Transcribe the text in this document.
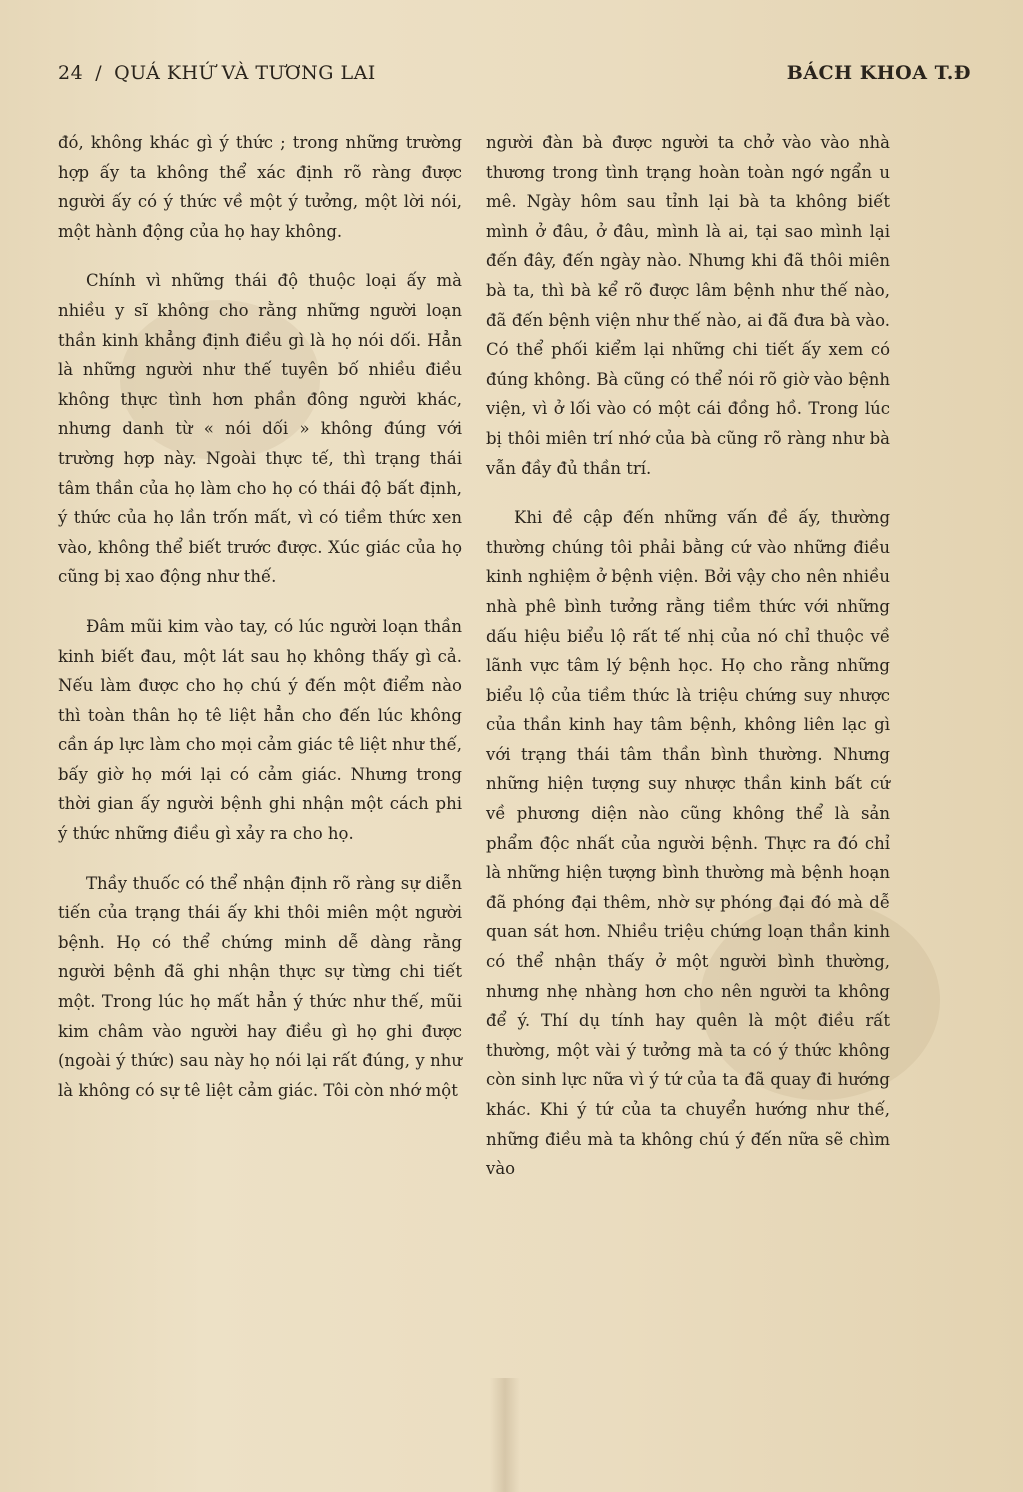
24 / QUÁ KHỨ VÀ TƯƠNG LAI	BÁCH KHOA T.Đ

đó, không khác gì ý thức ; trong những trường hợp ấy ta không thể xác định rõ ràng được người ấy có ý thức về một ý tưởng, một lời nói, một hành động của họ hay không.

Chính vì những thái độ thuộc loại ấy mà nhiều y sĩ không cho rằng những người loạn thần kinh khẳng định điều gì là họ nói dối. Hẳn là những người như thế tuyên bố nhiều điều không thực tình hơn phần đông người khác, nhưng danh từ « nói dối » không đúng với trường hợp này. Ngoài thực tế, thì trạng thái tâm thần của họ làm cho họ có thái độ bất định, ý thức của họ lần trốn mất, vì có tiềm thức xen vào, không thể biết trước được. Xúc giác của họ cũng bị xao động như thế.

Đâm mũi kim vào tay, có lúc người loạn thần kinh biết đau, một lát sau họ không thấy gì cả. Nếu làm được cho họ chú ý đến một điểm nào thì toàn thân họ tê liệt hẳn cho đến lúc không cần áp lực làm cho mọi cảm giác tê liệt như thế, bấy giờ họ mới lại có cảm giác. Nhưng trong thời gian ấy người bệnh ghi nhận một cách phi ý thức những điều gì xảy ra cho họ.

Thầy thuốc có thể nhận định rõ ràng sự diễn tiến của trạng thái ấy khi thôi miên một người bệnh. Họ có thể chứng minh dễ dàng rằng người bệnh đã ghi nhận thực sự từng chi tiết một. Trong lúc họ mất hẳn ý thức như thế, mũi kim châm vào người hay điều gì họ ghi được (ngoài ý thức) sau này họ nói lại rất đúng, y như là không có sự tê liệt cảm giác. Tôi còn nhớ một

người đàn bà được người ta chở vào vào nhà thương trong tình trạng hoàn toàn ngớ ngẩn u mê. Ngày hôm sau tỉnh lại bà ta không biết mình ở đâu, ở đâu, mình là ai, tại sao mình lại đến đây, đến ngày nào. Nhưng khi đã thôi miên bà ta, thì bà kể rõ được lâm bệnh như thế nào, đã đến bệnh viện như thế nào, ai đã đưa bà vào. Có thể phối kiểm lại những chi tiết ấy xem có đúng không. Bà cũng có thể nói rõ giờ vào bệnh viện, vì ở lối vào có một cái đồng hồ. Trong lúc bị thôi miên trí nhớ của bà cũng rõ ràng như bà vẫn đầy đủ thần trí.

Khi đề cập đến những vấn đề ấy, thường thường chúng tôi phải bằng cứ vào những điều kinh nghiệm ở bệnh viện. Bởi vậy cho nên nhiều nhà phê bình tưởng rằng tiềm thức với những dấu hiệu biểu lộ rất tế nhị của nó chỉ thuộc về lãnh vực tâm lý bệnh học. Họ cho rằng những biểu lộ của tiềm thức là triệu chứng suy nhược của thần kinh hay tâm bệnh, không liên lạc gì với trạng thái tâm thần bình thường. Nhưng những hiện tượng suy nhược thần kinh bất cứ về phương diện nào cũng không thể là sản phẩm độc nhất của người bệnh. Thực ra đó chỉ là những hiện tượng bình thường mà bệnh hoạn đã phóng đại thêm, nhờ sự phóng đại đó mà dễ quan sát hơn. Nhiều triệu chứng loạn thần kinh có thể nhận thấy ở một người bình thường, nhưng nhẹ nhàng hơn cho nên người ta không để ý. Thí dụ tính hay quên là một điều rất thường, một vài ý tưởng mà ta có ý thức không còn sinh lực nữa vì ý tứ của ta đã quay đi hướng khác. Khi ý tứ của ta chuyển hướng như thế, những điều mà ta không chú ý đến nữa sẽ chìm vào
